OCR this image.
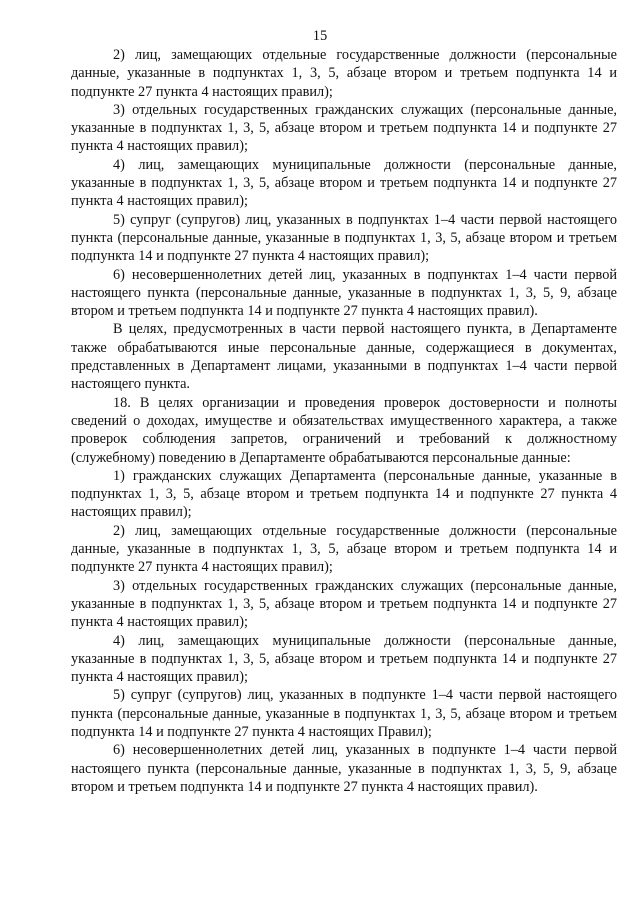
15

2) лиц, замещающих отдельные государственные должности (персональные данные, указанные в подпунктах 1, 3, 5, абзаце втором и третьем подпункта 14 и подпункте 27 пункта 4 настоящих правил);

3) отдельных государственных гражданских служащих (персональные данные, указанные в подпунктах 1, 3, 5, абзаце втором и третьем подпункта 14 и подпункте 27 пункта 4 настоящих правил);

4) лиц, замещающих муниципальные должности (персональные данные, указанные в подпунктах 1, 3, 5, абзаце втором и третьем подпункта 14 и подпункте 27 пункта 4 настоящих правил);

5) супруг (супругов) лиц, указанных в подпунктах 1–4 части первой настоящего пункта (персональные данные, указанные в подпунктах 1, 3, 5, абзаце втором и третьем подпункта 14 и подпункте 27 пункта 4 настоящих правил);

6) несовершеннолетних детей лиц, указанных в подпунктах 1–4 части первой настоящего пункта (персональные данные, указанные в подпунктах 1, 3, 5, 9, абзаце втором и третьем подпункта 14 и подпункте 27 пункта 4 настоящих правил).

В целях, предусмотренных в части первой настоящего пункта, в Департаменте также обрабатываются иные персональные данные, содержащиеся в документах, представленных в Департамент лицами, указанными в подпунктах 1–4 части первой настоящего пункта.

18. В целях организации и проведения проверок достоверности и полноты сведений о доходах, имуществе и обязательствах имущественного характера, а также проверок соблюдения запретов, ограничений и требований к должностному (служебному) поведению в Департаменте обрабатываются персональные данные:

1) гражданских служащих Департамента (персональные данные, указанные в подпунктах 1, 3, 5, абзаце втором и третьем подпункта 14 и подпункте 27 пункта 4 настоящих правил);

2) лиц, замещающих отдельные государственные должности (персональные данные, указанные в подпунктах 1, 3, 5, абзаце втором и третьем подпункта 14 и подпункте 27 пункта 4 настоящих правил);

3) отдельных государственных гражданских служащих (персональные данные, указанные в подпунктах 1, 3, 5, абзаце втором и третьем подпункта 14 и подпункте 27 пункта 4 настоящих правил);

4) лиц, замещающих муниципальные должности (персональные данные, указанные в подпунктах 1, 3, 5, абзаце втором и третьем подпункта 14 и подпункте 27 пункта 4 настоящих правил);

5) супруг (супругов) лиц, указанных в подпункте 1–4 части первой настоящего пункта (персональные данные, указанные в подпунктах 1, 3, 5, абзаце втором и третьем подпункта 14 и подпункте 27 пункта 4 настоящих Правил);

6) несовершеннолетних детей лиц, указанных в подпункте 1–4 части первой настоящего пункта (персональные данные, указанные в подпунктах 1, 3, 5, 9, абзаце втором и третьем подпункта 14 и подпункте 27 пункта 4 настоящих правил).
